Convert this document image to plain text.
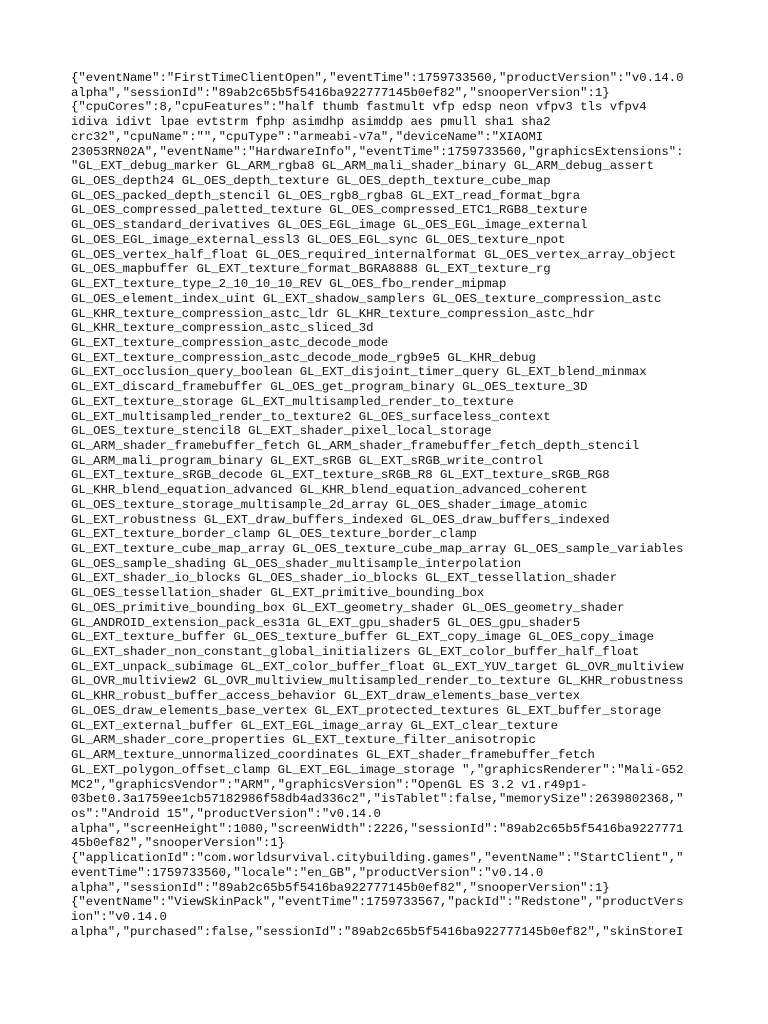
{"eventName":"FirstTimeClientOpen","eventTime":1759733560,"productVersion":"v0.14.0
alpha","sessionId":"89ab2c65b5f5416ba922777145b0ef82","snooperVersion":1}
{"cpuCores":8,"cpuFeatures":"half thumb fastmult vfp edsp neon vfpv3 tls vfpv4
idiva idivt lpae evtstrm fphp asimdhp asimddp aes pmull sha1 sha2
crc32","cpuName":"","cpuType":"armeabi-v7a","deviceName":"XIAOMI
23053RN02A","eventName":"HardwareInfo","eventTime":1759733560,"graphicsExtensions":
"GL_EXT_debug_marker GL_ARM_rgba8 GL_ARM_mali_shader_binary GL_ARM_debug_assert
GL_OES_depth24 GL_OES_depth_texture GL_OES_depth_texture_cube_map
GL_OES_packed_depth_stencil GL_OES_rgb8_rgba8 GL_EXT_read_format_bgra
GL_OES_compressed_paletted_texture GL_OES_compressed_ETC1_RGB8_texture
GL_OES_standard_derivatives GL_OES_EGL_image GL_OES_EGL_image_external
GL_OES_EGL_image_external_essl3 GL_OES_EGL_sync GL_OES_texture_npot
GL_OES_vertex_half_float GL_OES_required_internalformat GL_OES_vertex_array_object
GL_OES_mapbuffer GL_EXT_texture_format_BGRA8888 GL_EXT_texture_rg
GL_EXT_texture_type_2_10_10_10_REV GL_OES_fbo_render_mipmap
GL_OES_element_index_uint GL_EXT_shadow_samplers GL_OES_texture_compression_astc
GL_KHR_texture_compression_astc_ldr GL_KHR_texture_compression_astc_hdr
GL_KHR_texture_compression_astc_sliced_3d
GL_EXT_texture_compression_astc_decode_mode
GL_EXT_texture_compression_astc_decode_mode_rgb9e5 GL_KHR_debug
GL_EXT_occlusion_query_boolean GL_EXT_disjoint_timer_query GL_EXT_blend_minmax
GL_EXT_discard_framebuffer GL_OES_get_program_binary GL_OES_texture_3D
GL_EXT_texture_storage GL_EXT_multisampled_render_to_texture
GL_EXT_multisampled_render_to_texture2 GL_OES_surfaceless_context
GL_OES_texture_stencil8 GL_EXT_shader_pixel_local_storage
GL_ARM_shader_framebuffer_fetch GL_ARM_shader_framebuffer_fetch_depth_stencil
GL_ARM_mali_program_binary GL_EXT_sRGB GL_EXT_sRGB_write_control
GL_EXT_texture_sRGB_decode GL_EXT_texture_sRGB_R8 GL_EXT_texture_sRGB_RG8
GL_KHR_blend_equation_advanced GL_KHR_blend_equation_advanced_coherent
GL_OES_texture_storage_multisample_2d_array GL_OES_shader_image_atomic
GL_EXT_robustness GL_EXT_draw_buffers_indexed GL_OES_draw_buffers_indexed
GL_EXT_texture_border_clamp GL_OES_texture_border_clamp
GL_EXT_texture_cube_map_array GL_OES_texture_cube_map_array GL_OES_sample_variables
GL_OES_sample_shading GL_OES_shader_multisample_interpolation
GL_EXT_shader_io_blocks GL_OES_shader_io_blocks GL_EXT_tessellation_shader
GL_OES_tessellation_shader GL_EXT_primitive_bounding_box
GL_OES_primitive_bounding_box GL_EXT_geometry_shader GL_OES_geometry_shader
GL_ANDROID_extension_pack_es31a GL_EXT_gpu_shader5 GL_OES_gpu_shader5
GL_EXT_texture_buffer GL_OES_texture_buffer GL_EXT_copy_image GL_OES_copy_image
GL_EXT_shader_non_constant_global_initializers GL_EXT_color_buffer_half_float
GL_EXT_unpack_subimage GL_EXT_color_buffer_float GL_EXT_YUV_target GL_OVR_multiview
GL_OVR_multiview2 GL_OVR_multiview_multisampled_render_to_texture GL_KHR_robustness
GL_KHR_robust_buffer_access_behavior GL_EXT_draw_elements_base_vertex
GL_OES_draw_elements_base_vertex GL_EXT_protected_textures GL_EXT_buffer_storage
GL_EXT_external_buffer GL_EXT_EGL_image_array GL_EXT_clear_texture
GL_ARM_shader_core_properties GL_EXT_texture_filter_anisotropic
GL_ARM_texture_unnormalized_coordinates GL_EXT_shader_framebuffer_fetch
GL_EXT_polygon_offset_clamp GL_EXT_EGL_image_storage ","graphicsRenderer":"Mali-G52
MC2","graphicsVendor":"ARM","graphicsVersion":"OpenGL ES 3.2 v1.r49p1-
03bet0.3a1759ee1cb57182986f58db4ad336c2","isTablet":false,"memorySize":2639802368,"
os":"Android 15","productVersion":"v0.14.0
alpha","screenHeight":1080,"screenWidth":2226,"sessionId":"89ab2c65b5f5416ba9227771
45b0ef82","snooperVersion":1}
{"applicationId":"com.worldsurvival.citybuilding.games","eventName":"StartClient","
eventTime":1759733560,"locale":"en_GB","productVersion":"v0.14.0
alpha","sessionId":"89ab2c65b5f5416ba922777145b0ef82","snooperVersion":1}
{"eventName":"ViewSkinPack","eventTime":1759733567,"packId":"Redstone","productVers
ion":"v0.14.0
alpha","purchased":false,"sessionId":"89ab2c65b5f5416ba922777145b0ef82","skinStoreI
